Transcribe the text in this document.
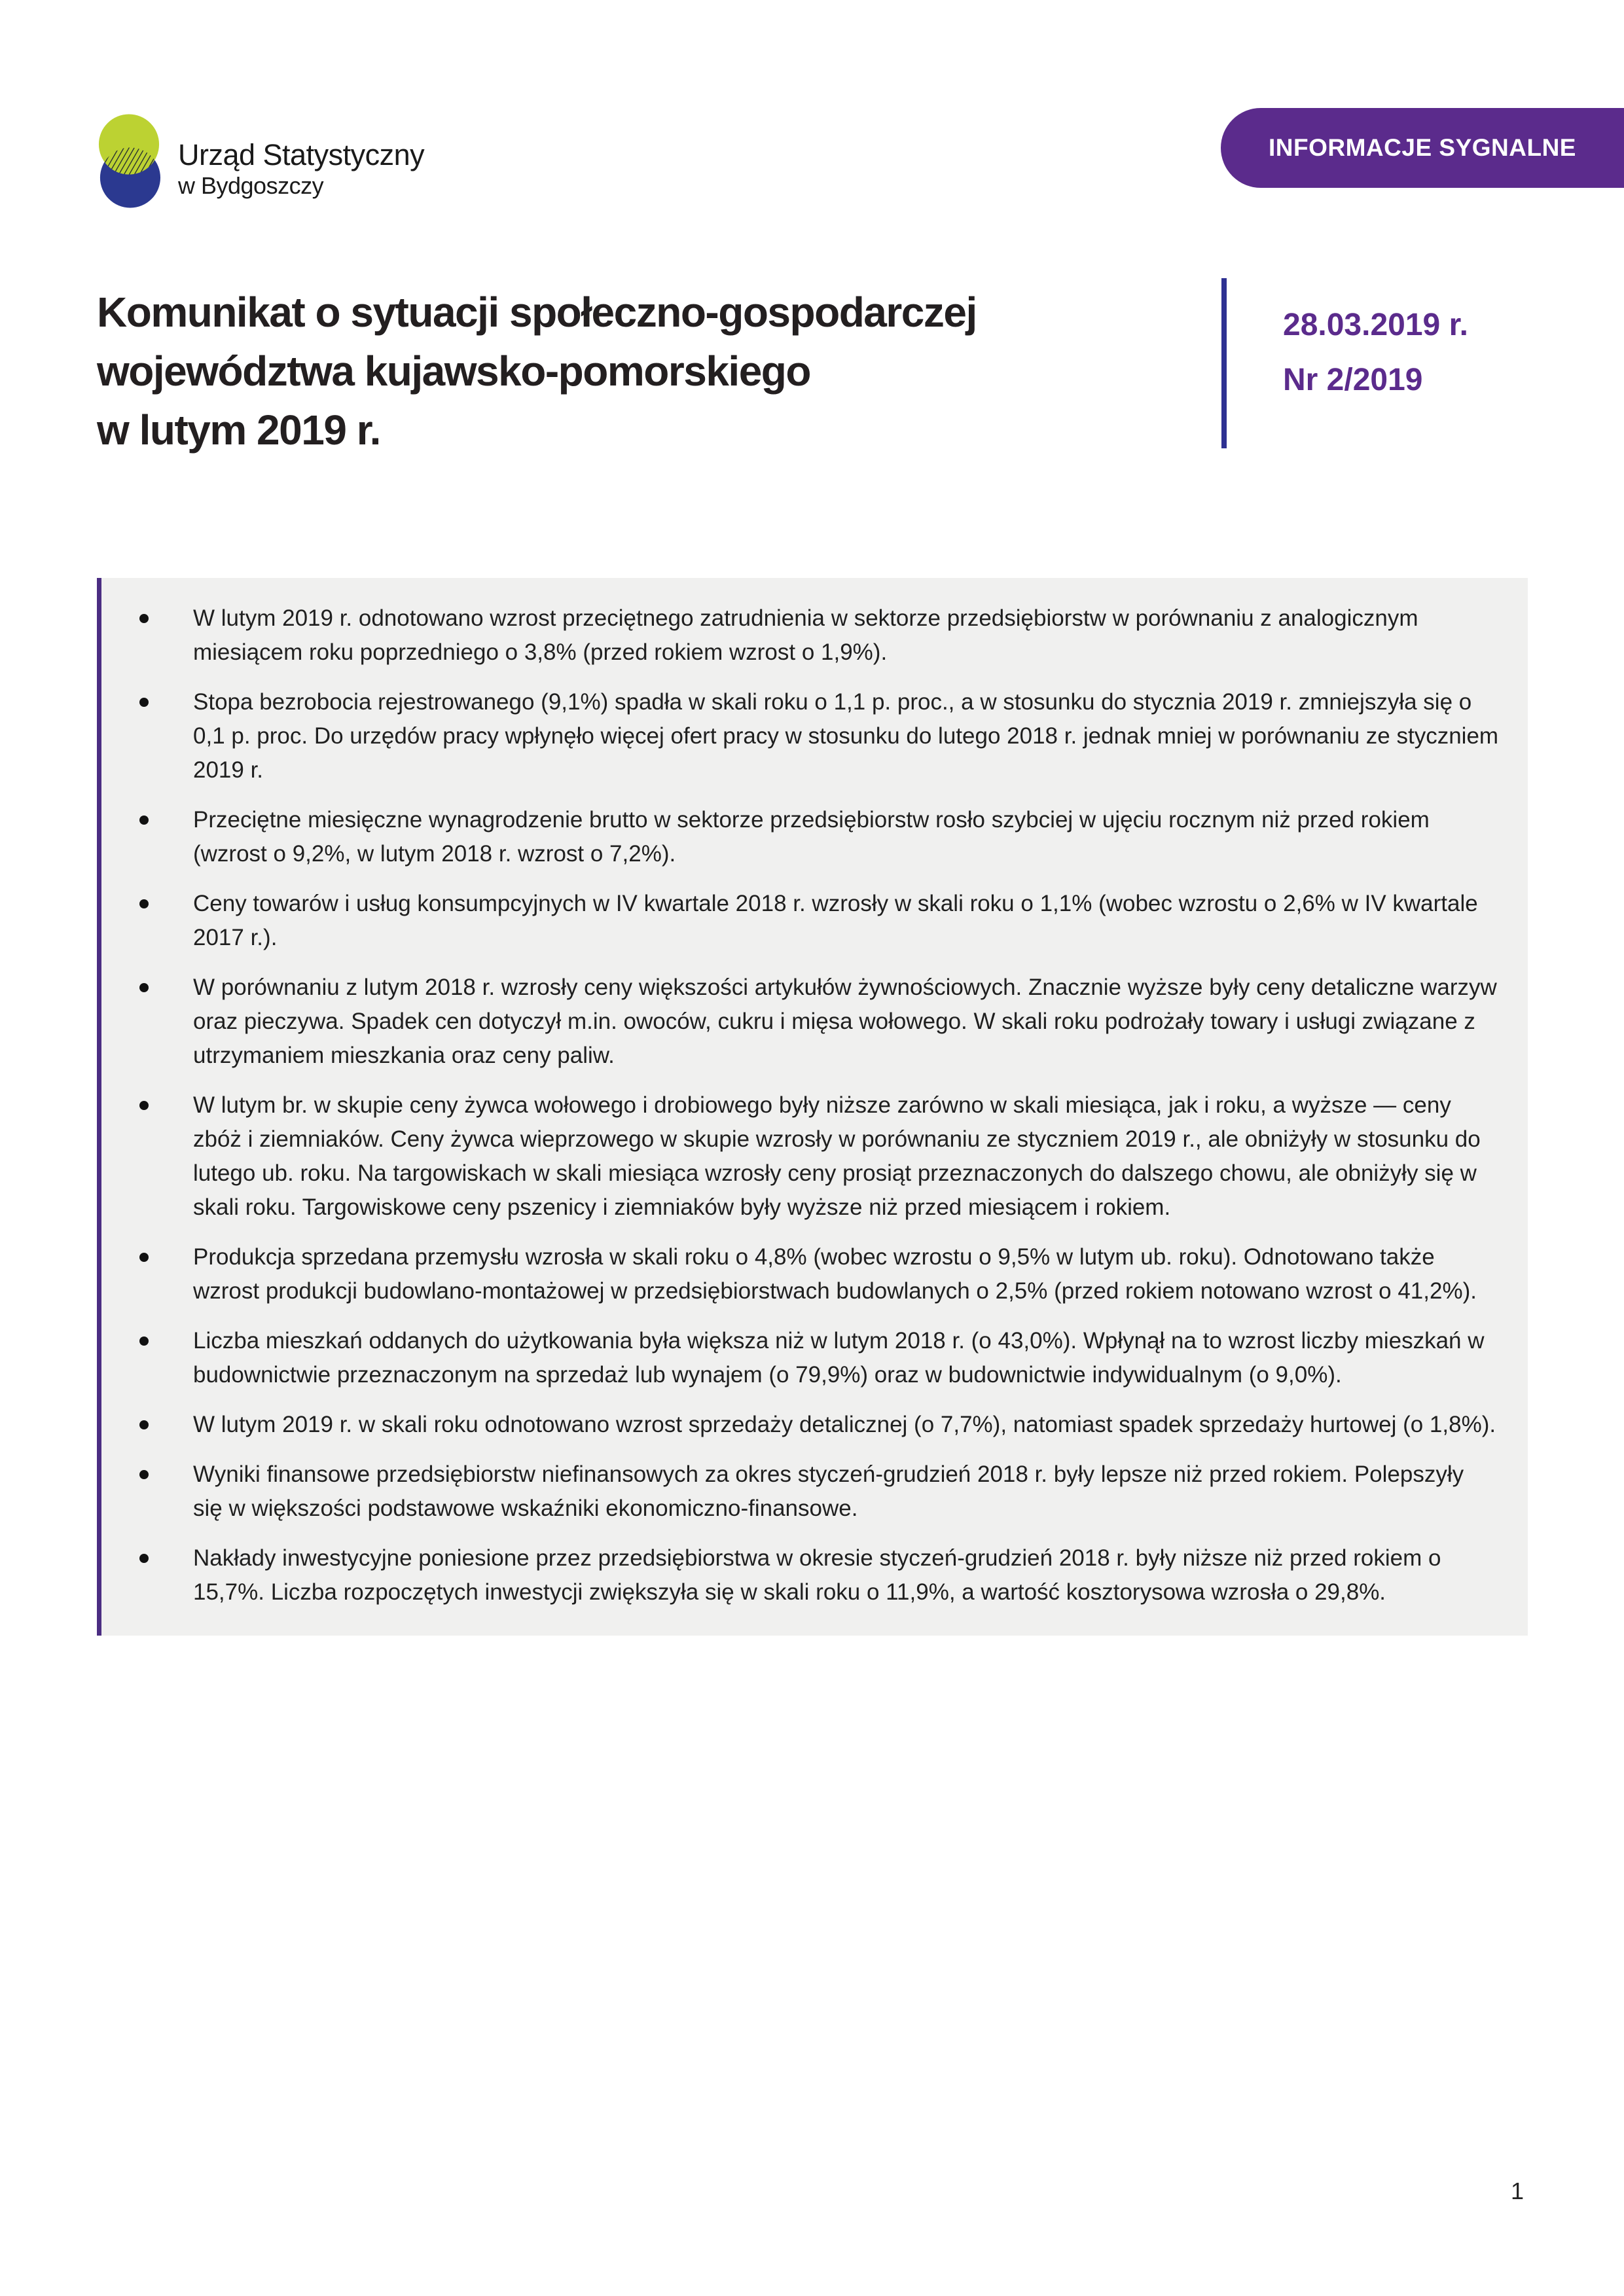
Urząd Statystyczny
w Bydgoszczy
INFORMACJE SYGNALNE
Komunikat o sytuacji społeczno-gospodarczej
województwa kujawsko-pomorskiego
w lutym 2019 r.
28.03.2019 r.
Nr 2/2019
W lutym 2019 r. odnotowano wzrost przeciętnego zatrudnienia w sektorze przedsiębiorstw w porównaniu z analogicznym miesiącem roku poprzedniego o 3,8% (przed rokiem wzrost o 1,9%).
Stopa bezrobocia rejestrowanego (9,1%) spadła w skali roku o 1,1 p. proc., a w stosunku do stycznia 2019 r. zmniejszyła się o 0,1 p. proc. Do urzędów pracy wpłynęło więcej ofert pracy w stosunku do lutego 2018 r. jednak mniej w porównaniu ze styczniem 2019 r.
Przeciętne miesięczne wynagrodzenie brutto w sektorze przedsiębiorstw rosło szybciej w ujęciu rocznym niż przed rokiem (wzrost o 9,2%, w lutym 2018 r. wzrost o 7,2%).
Ceny towarów i usług konsumpcyjnych w IV kwartale 2018 r. wzrosły w skali roku o 1,1% (wobec wzrostu o 2,6% w IV kwartale 2017 r.).
W porównaniu z lutym 2018 r. wzrosły ceny większości artykułów żywnościowych. Znacznie wyższe były ceny detaliczne warzyw oraz pieczywa. Spadek cen dotyczył m.in. owoców, cukru i mięsa wołowego. W skali roku podrożały towary i usługi związane z utrzymaniem mieszkania oraz ceny paliw.
W lutym br. w skupie ceny żywca wołowego i drobiowego były niższe zarówno w skali miesiąca, jak i roku, a wyższe — ceny zbóż i ziemniaków. Ceny żywca wieprzowego w skupie wzrosły w porównaniu ze styczniem 2019 r., ale obniżyły w stosunku do lutego ub. roku. Na targowiskach w skali miesiąca wzrosły ceny prosiąt przeznaczonych do dalszego chowu, ale obniżyły się w skali roku. Targowiskowe ceny pszenicy i ziemniaków były wyższe niż przed miesiącem i rokiem.
Produkcja sprzedana przemysłu wzrosła w skali roku o 4,8% (wobec wzrostu o 9,5% w lutym ub. roku). Odnotowano także wzrost produkcji budowlano-montażowej w przedsiębiorstwach budowlanych o 2,5% (przed rokiem notowano wzrost o 41,2%).
Liczba mieszkań oddanych do użytkowania była większa niż w lutym 2018 r. (o 43,0%). Wpłynął na to wzrost liczby mieszkań w budownictwie przeznaczonym na sprzedaż lub wynajem (o 79,9%) oraz w budownictwie indywidualnym (o 9,0%).
W lutym 2019 r. w skali roku odnotowano wzrost sprzedaży detalicznej (o 7,7%), natomiast spadek sprzedaży hurtowej (o 1,8%).
Wyniki finansowe przedsiębiorstw niefinansowych za okres styczeń-grudzień 2018 r. były lepsze niż przed rokiem. Polepszyły się w większości podstawowe wskaźniki ekonomiczno-finansowe.
Nakłady inwestycyjne poniesione przez przedsiębiorstwa w okresie styczeń-grudzień 2018 r. były niższe niż przed rokiem o 15,7%. Liczba rozpoczętych inwestycji zwiększyła się w skali roku o 11,9%, a wartość kosztorysowa wzrosła o 29,8%.
1
